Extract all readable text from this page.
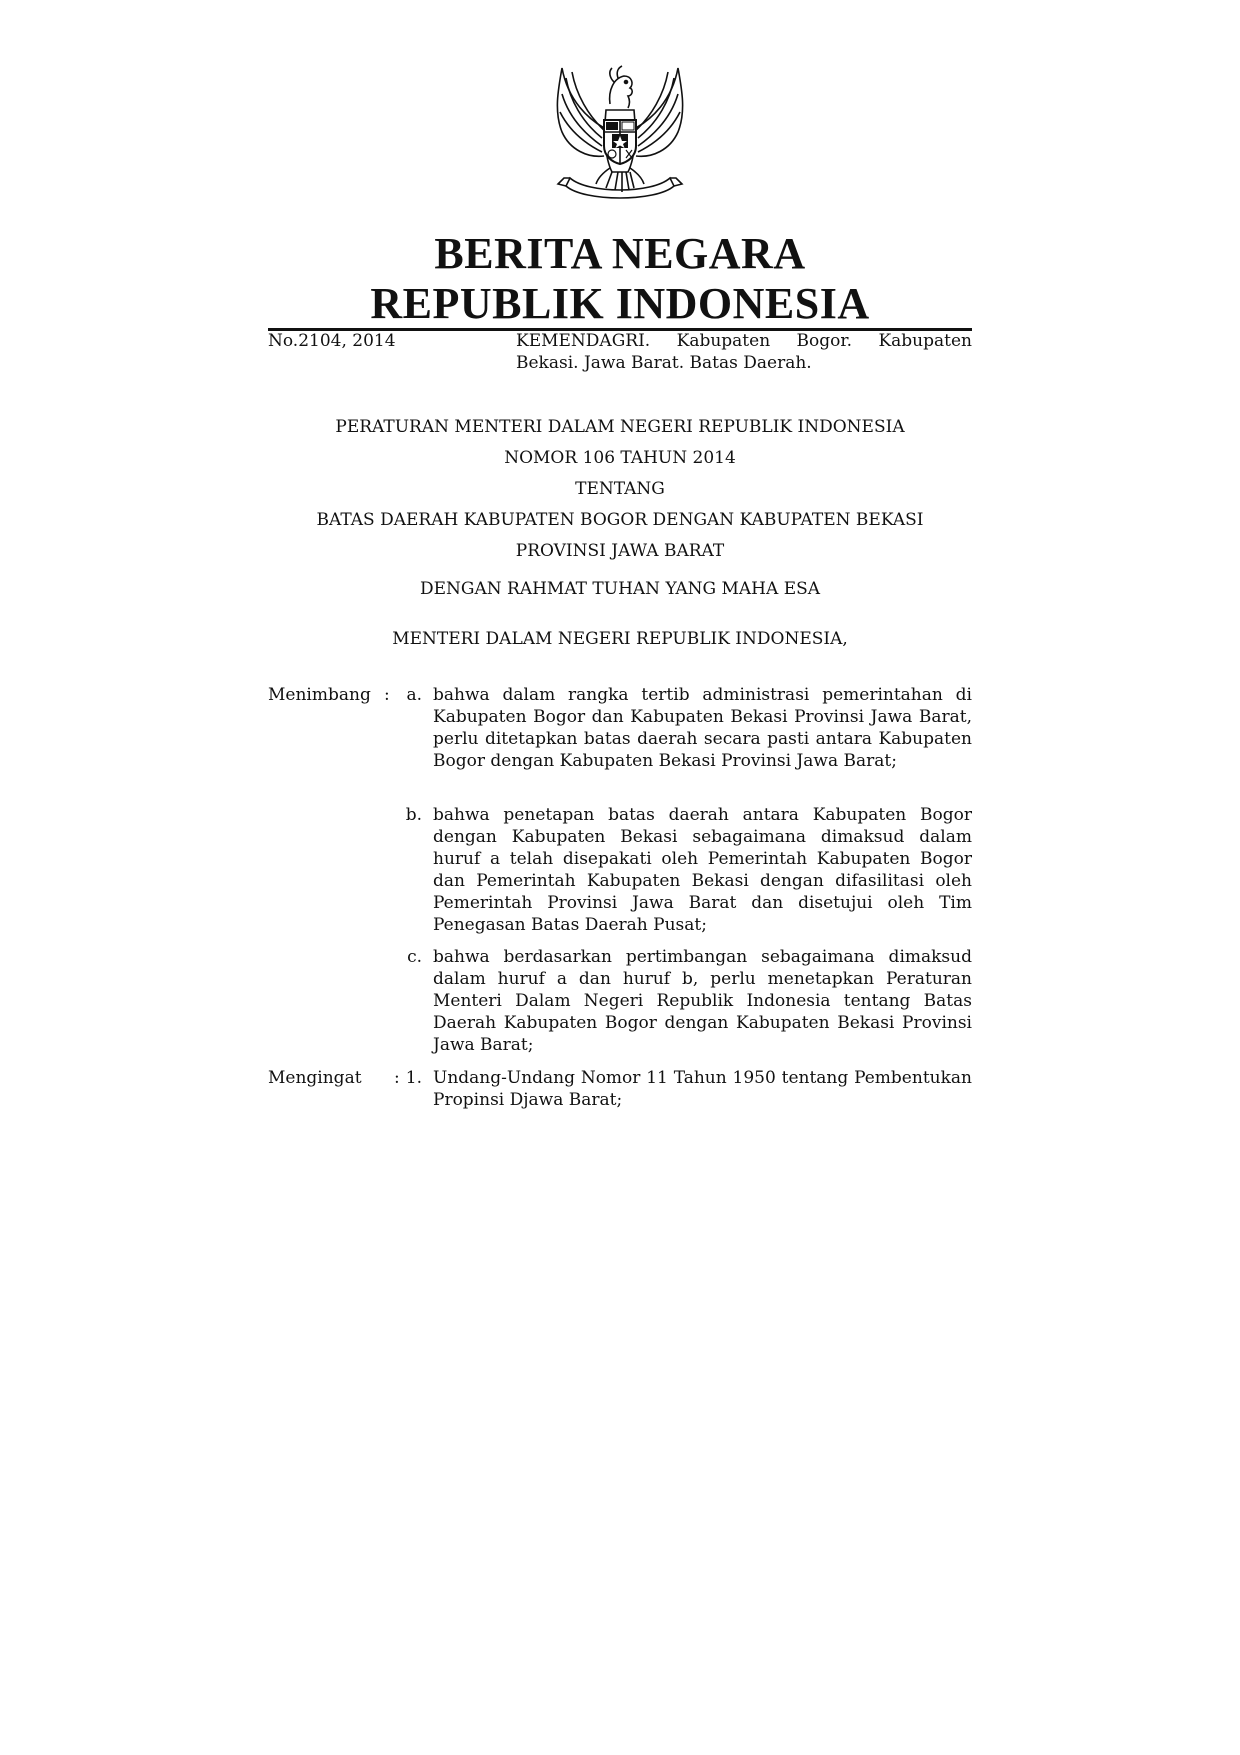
BERITA NEGARA
REPUBLIK INDONESIA
No.2104, 2014	KEMENDAGRI. Kabupaten Bogor. Kabupaten
Bekasi. Jawa Barat. Batas Daerah.
PERATURAN MENTERI DALAM NEGERI REPUBLIK INDONESIA
NOMOR 106 TAHUN 2014
TENTANG
BATAS DAERAH KABUPATEN BOGOR DENGAN KABUPATEN BEKASI
PROVINSI JAWA BARAT
DENGAN RAHMAT TUHAN YANG MAHA ESA
MENTERI DALAM NEGERI REPUBLIK INDONESIA,
Menimbang : a. bahwa dalam rangka tertib administrasi pemerintahan di Kabupaten Bogor dan Kabupaten Bekasi Provinsi Jawa Barat, perlu ditetapkan batas daerah secara pasti antara Kabupaten Bogor dengan Kabupaten Bekasi Provinsi Jawa Barat;
b. bahwa penetapan batas daerah antara Kabupaten Bogor dengan Kabupaten Bekasi sebagaimana dimaksud dalam huruf a telah disepakati oleh Pemerintah Kabupaten Bogor dan Pemerintah Kabupaten Bekasi dengan difasilitasi oleh Pemerintah Provinsi Jawa Barat dan disetujui oleh Tim Penegasan Batas Daerah Pusat;
c. bahwa berdasarkan pertimbangan sebagaimana dimaksud dalam huruf a dan huruf b, perlu menetapkan Peraturan Menteri Dalam Negeri Republik Indonesia tentang Batas Daerah Kabupaten Bogor dengan Kabupaten Bekasi Provinsi Jawa Barat;
Mengingat : 1. Undang-Undang Nomor 11 Tahun 1950 tentang Pembentukan Propinsi Djawa Barat;
